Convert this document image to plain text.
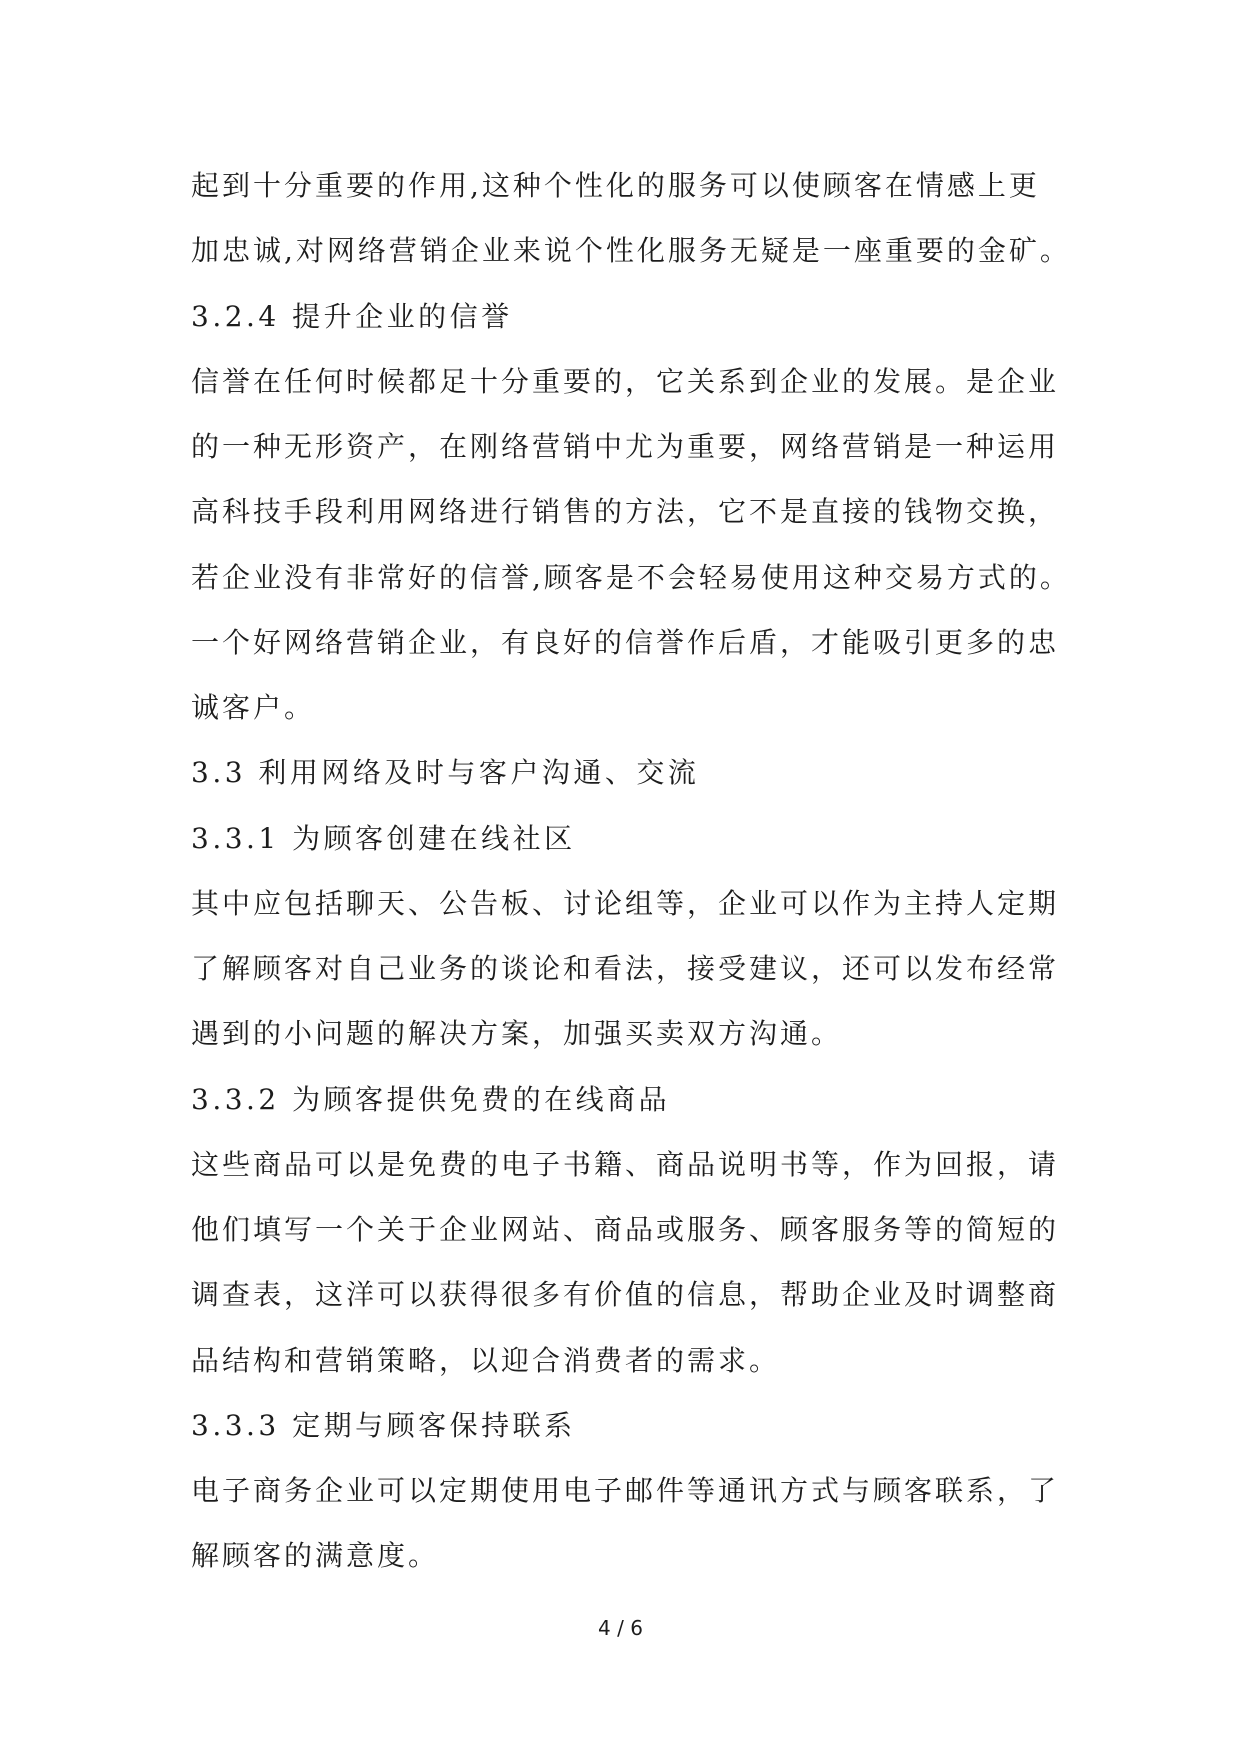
起到十分重要的作用,这种个性化的服务可以使顾客在情感上更
加忠诚,对网络营销企业来说个性化服务无疑是一座重要的金矿。
3.2.4 提升企业的信誉
信誉在任何时候都足十分重要的，它关系到企业的发展。是企业
的一种无形资产，在刚络营销中尤为重要，网络营销是一种运用
高科技手段利用网络进行销售的方法，它不是直接的钱物交换，
若企业没有非常好的信誉,顾客是不会轻易使用这种交易方式的。
一个好网络营销企业，有良好的信誉作后盾，才能吸引更多的忠
诚客户。
3.3 利用网络及时与客户沟通、交流
3.3.1 为顾客创建在线社区
其中应包括聊天、公告板、讨论组等，企业可以作为主持人定期
了解顾客对自己业务的谈论和看法，接受建议，还可以发布经常
遇到的小问题的解决方案，加强买卖双方沟通。
3.3.2 为顾客提供免费的在线商品
这些商品可以是免费的电子书籍、商品说明书等，作为回报，请
他们填写一个关于企业网站、商品或服务、顾客服务等的简短的
调查表，这洋可以获得很多有价值的信息，帮助企业及时调整商
品结构和营销策略，以迎合消费者的需求。
3.3.3 定期与顾客保持联系
电子商务企业可以定期使用电子邮件等通讯方式与顾客联系，了
解顾客的满意度。
4 / 6
